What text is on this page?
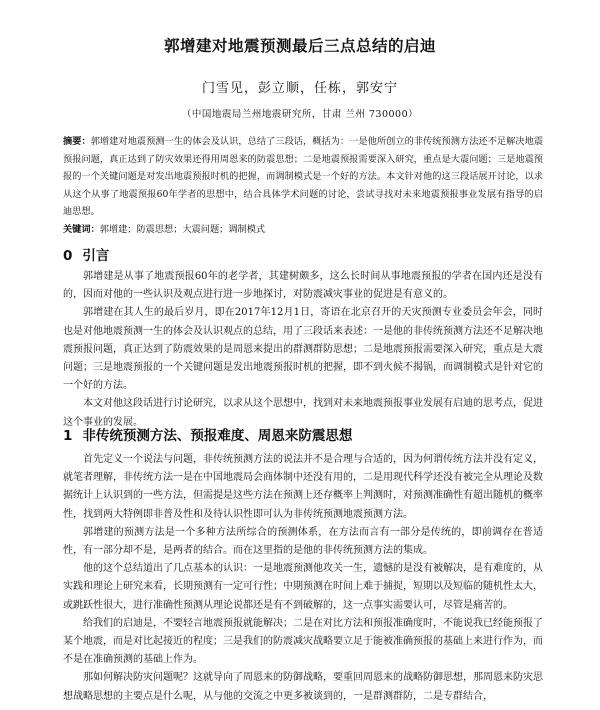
郭增建对地震预测最后三点总结的启迪
门雪见，彭立顺，任栋，郭安宁
（中国地震局兰州地震研究所，甘肃 兰州 730000）
摘要：郭增建对地震预测一生的体会及认识，总结了三段话，概括为：一是他所创立的非传统预测方法还不足解决地震预报问题，真正达到了防灾效果还得用周恩来的防震思想；二是地震预报需要深入研究，重点是大震问题；三是地震预报的一个关键问题是对发出地震预报时机的把握，而调制模式是一个好的方法。本文针对他的这三段话展开讨论，以求从这个从事了地震预报60年学者的思想中，结合具体学术问题的讨论，尝试寻找对未来地震预报事业发展有指导的启迪思想。
关键词：郭增建；防震思想；大震问题；调制模式
0 引言

郭增建是从事了地震预报60年的老学者，其建树颇多，这么长时间从事地震预报的学者在国内还是没有的，因而对他的一些认识及观点进行进一步地探讨，对防震减灾事业的促进是有意义的。

郭增建在其人生的最后岁月，即在2017年12月1日，寄语在北京召开的天灾预测专业委员会年会，同时也是对他地震预测一生的体会及认识观点的总结，用了三段话来表述：一是他的非传统预测方法还不足解决地震预报问题，真正达到了防震效果的是周恩来提出的群测群防思想；二是地震预报需要深入研究，重点是大震问题；三是地震预报的一个关键问题是发出地震预报时机的把握，即不到火候不揭锅，而调制模式是针对它的一个好的方法。

本文对他这段话进行讨论研究，以求从这个思想中，找到对未来地震预报事业发展有启迪的思考点，促进这个事业的发展。

1 非传统预测方法、预报难度、周恩来防震思想

首先定义一个说法与问题，非传统预测方法的说法并不是合理与合适的，因为何谓传统方法并没有定义，就笔者理解，非传统方法一是在中国地震局会商体制中还没有用的，二是用现代科学还没有被完全从理论及数据统计上认识到的一些方法，但需提是这些方法在预测上还存概率上判测时，对预测准确性有超出随机的概率性，找到两大特例即非普及性和及待认识性即可认为非传统预测地震预测方法。

郭增建的预测方法是一个多种方法所综合的预测体系，在方法而言有一部分是传统的，即前调存在普适性，有一部分却不是，是两者的结合。而在这里指的是他的非传统预测方法的集成。

他的这个总结道出了几点基本的认识：一是地震预测他攻关一生，遗憾的是没有被解决，是有难度的，从实践和理论上研究来看，长期预测有一定可行性；中期预测在时间上难于捕捉，短期以及短临的随机性太大，或跳跃性很大，进行准确性预测从理论说都还是有不到破解的，这一点事实需要认可，尽管是痛苦的。

给我们的启迪是，不要轻言地震预报就能解决；二是在对比方法和预报准确度时，不能说我已经能预报了某个地震，而是对比起接近的程度；三是我们的防震减灾战略要立足于能被准确预报的基础上来进行作为，而不是在准确预测的基础上作为。

那如何解决防灾问题呢？这就导向了周恩来的防御战略，要重回周恩来的战略防御思想，那周恩来防灾思想战略思想的主要点是什么呢，从与他的交流之中更多被谈到的，一是群测群防，二是专群结合，
